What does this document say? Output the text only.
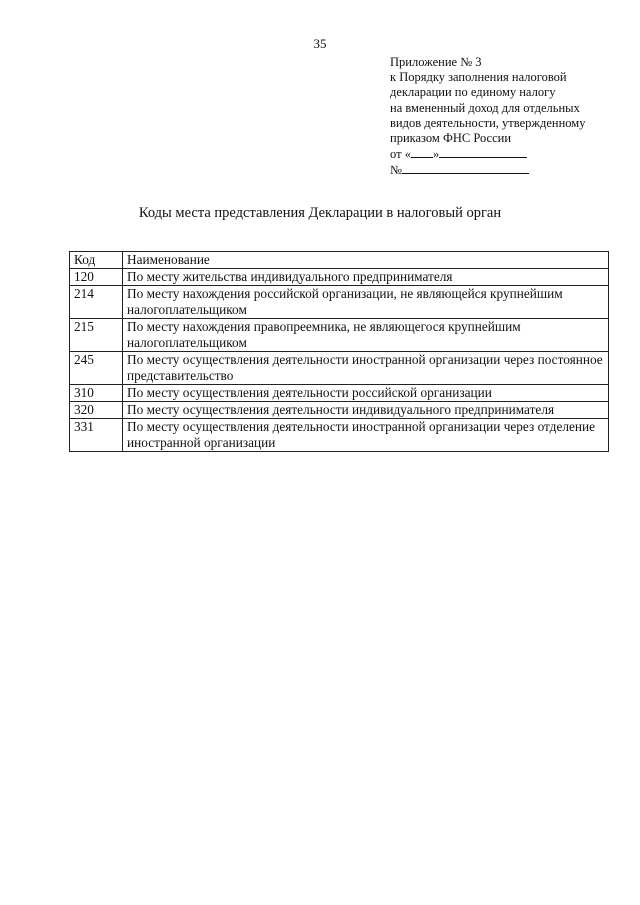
35
Приложение № 3
к Порядку заполнения налоговой
декларации по единому налогу
на вмененный доход для отдельных
видов деятельности, утвержденному
приказом ФНС России
от « »
№
Коды места представления Декларации в налоговый орган
Код	Наименование
120	По месту жительства индивидуального предпринимателя
214	По месту нахождения российской организации, не являющейся крупнейшим налогоплательщиком
215	По месту нахождения правопреемника, не являющегося крупнейшим налогоплательщиком
245	По месту осуществления деятельности иностранной организации через постоянное представительство
310	По месту осуществления деятельности российской организации
320	По месту осуществления деятельности индивидуального предпринимателя
331	По месту осуществления деятельности иностранной организации через отделение иностранной организации
